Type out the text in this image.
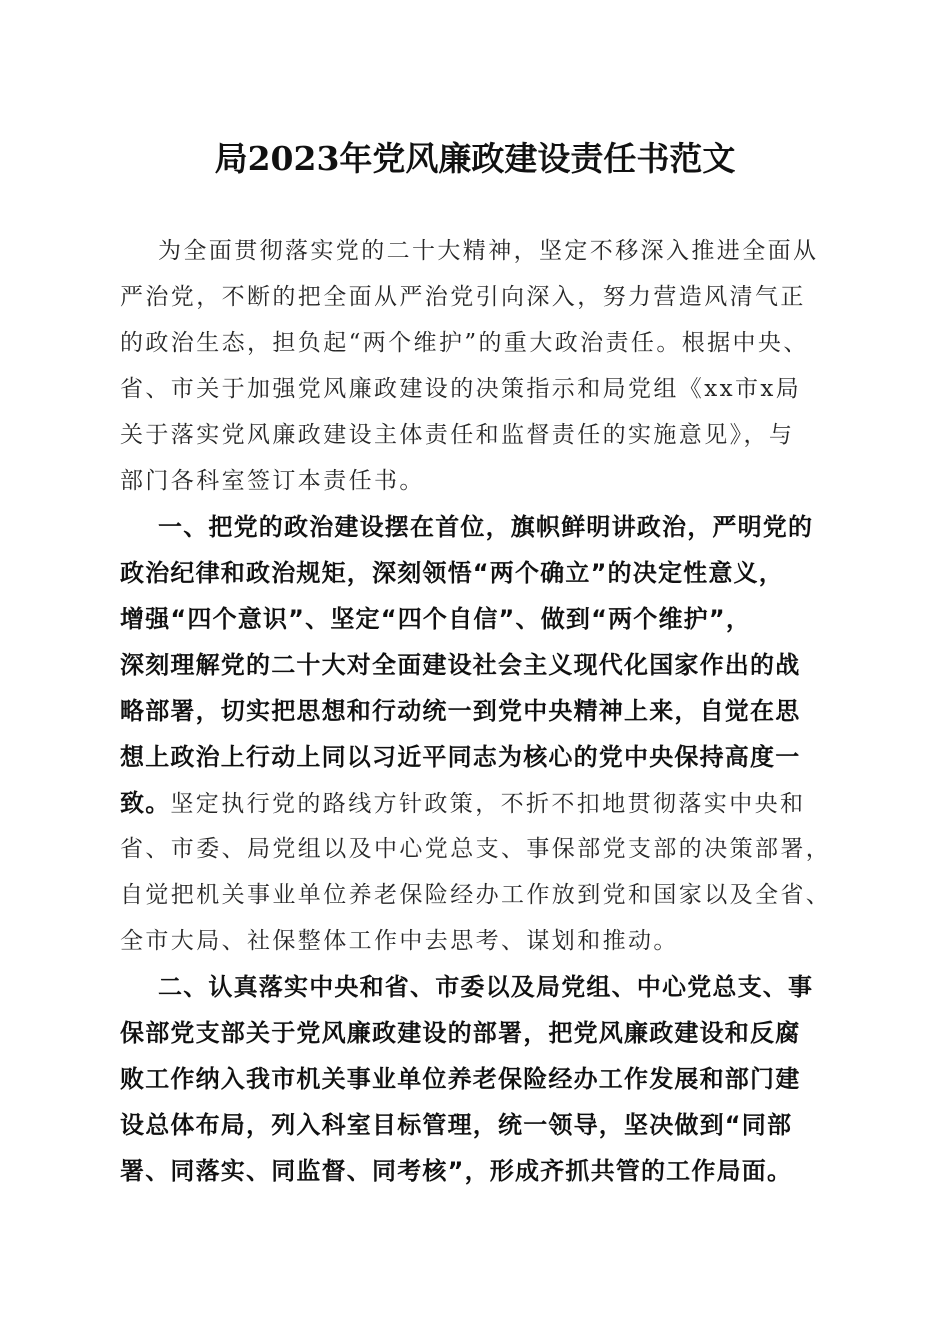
局2023年党风廉政建设责任书范文
为全面贯彻落实党的二十大精神，坚定不移深入推进全面从
严治党，不断的把全面从严治党引向深入，努力营造风清气正
的政治生态，担负起“两个维护”的重大政治责任。根据中央、
省、市关于加强党风廉政建设的决策指示和局党组《xx市x局
关于落实党风廉政建设主体责任和监督责任的实施意见》，与
部门各科室签订本责任书。
一、把党的政治建设摆在首位，旗帜鲜明讲政治，严明党的
政治纪律和政治规矩，深刻领悟“两个确立”的决定性意义，
增强“四个意识”、坚定“四个自信”、做到“两个维护”，
深刻理解党的二十大对全面建设社会主义现代化国家作出的战
略部署，切实把思想和行动统一到党中央精神上来，自觉在思
想上政治上行动上同以习近平同志为核心的党中央保持高度一
致。坚定执行党的路线方针政策，不折不扣地贯彻落实中央和
省、市委、局党组以及中心党总支、事保部党支部的决策部署，
自觉把机关事业单位养老保险经办工作放到党和国家以及全省、
全市大局、社保整体工作中去思考、谋划和推动。
二、认真落实中央和省、市委以及局党组、中心党总支、事
保部党支部关于党风廉政建设的部署，把党风廉政建设和反腐
败工作纳入我市机关事业单位养老保险经办工作发展和部门建
设总体布局，列入科室目标管理，统一领导，坚决做到“同部
署、同落实、同监督、同考核”，形成齐抓共管的工作局面。
